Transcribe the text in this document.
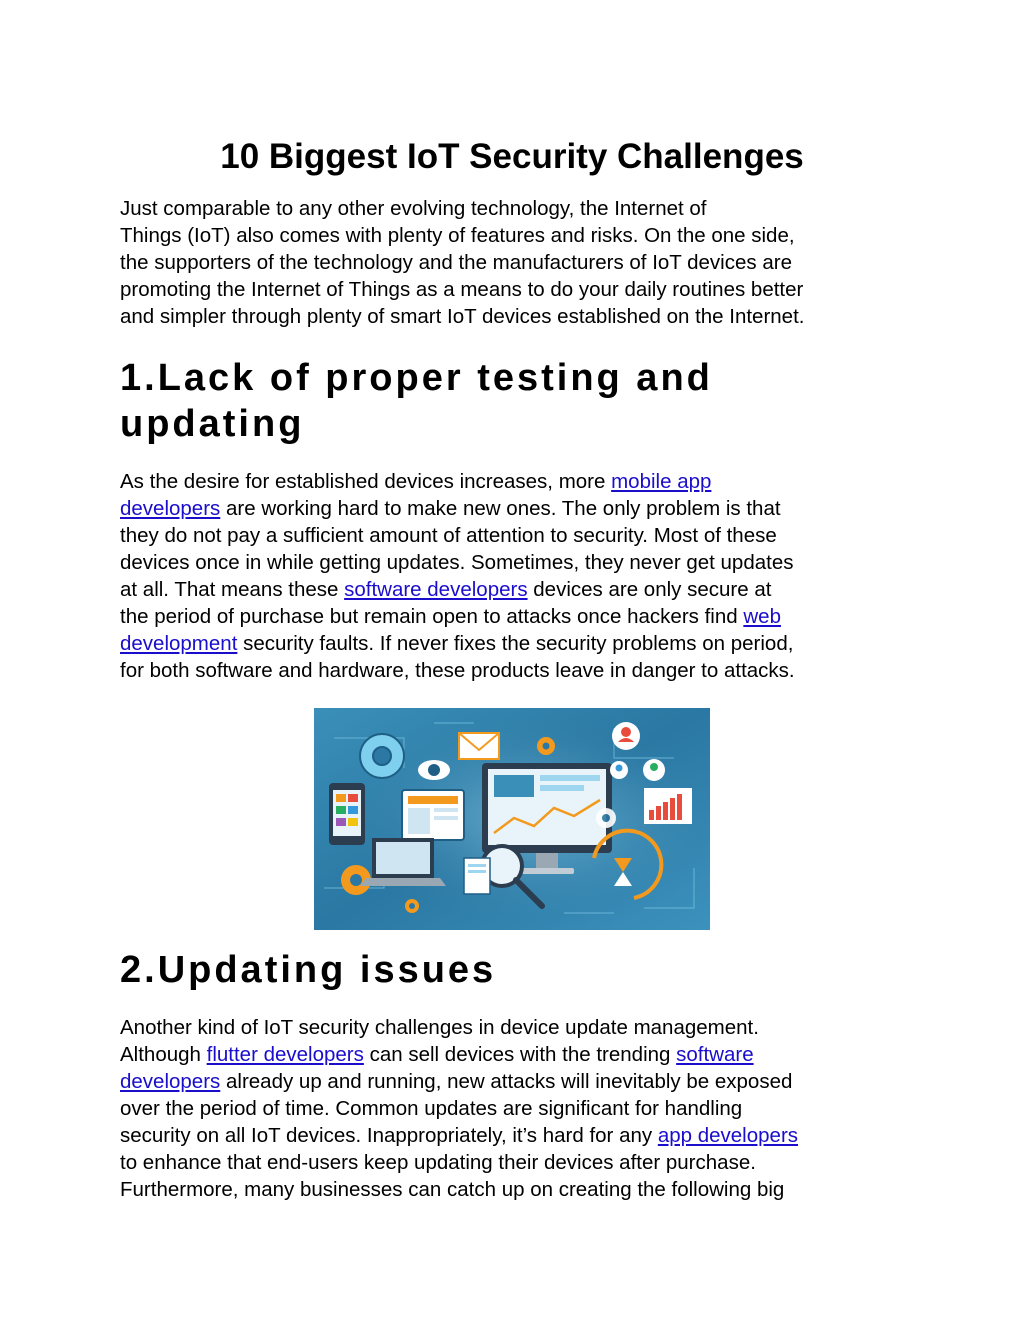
10 Biggest IoT Security Challenges

Just comparable to any other evolving technology, the Internet of
Things (IoT) also comes with plenty of features and risks. On the one side,
the supporters of the technology and the manufacturers of IoT devices are
promoting the Internet of Things as a means to do your daily routines better
and simpler through plenty of smart IoT devices established on the Internet.

1.Lack of proper testing and
updating

As the desire for established devices increases, more mobile app
developers are working hard to make new ones. The only problem is that
they do not pay a sufficient amount of attention to security. Most of these
devices once in while getting updates. Sometimes, they never get updates
at all. That means these software developers devices are only secure at
the period of purchase but remain open to attacks once hackers find web
development security faults. If never fixes the security problems on period,
for both software and hardware, these products leave in danger to attacks.

2.Updating issues

Another kind of IoT security challenges in device update management.
Although flutter developers can sell devices with the trending software
developers already up and running, new attacks will inevitably be exposed
over the period of time. Common updates are significant for handling
security on all IoT devices. Inappropriately, it’s hard for any app developers
to enhance that end-users keep updating their devices after purchase.
Furthermore, many businesses can catch up on creating the following big
